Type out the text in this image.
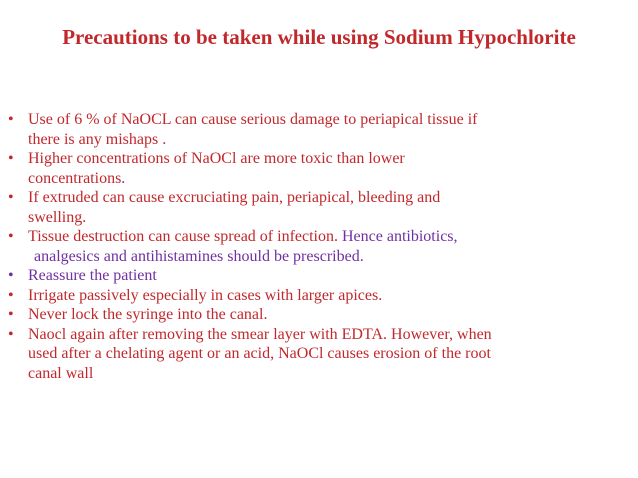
Precautions to be taken while using Sodium Hypochlorite
• Use of 6 % of NaOCL can cause serious damage to periapical tissue if
there is any mishaps .
• Higher concentrations of NaOCl are more toxic than lower
concentrations.
• If extruded can cause excruciating pain, periapical, bleeding and
swelling.
• Tissue destruction can cause spread of infection. Hence antibiotics,
analgesics and antihistamines should be prescribed.
• Reassure the patient
• Irrigate passively especially in cases with larger apices.
• Never lock the syringe into the canal.
• Naocl again after removing the smear layer with EDTA. However, when
used after a chelating agent or an acid, NaOCl causes erosion of the root
canal wall
